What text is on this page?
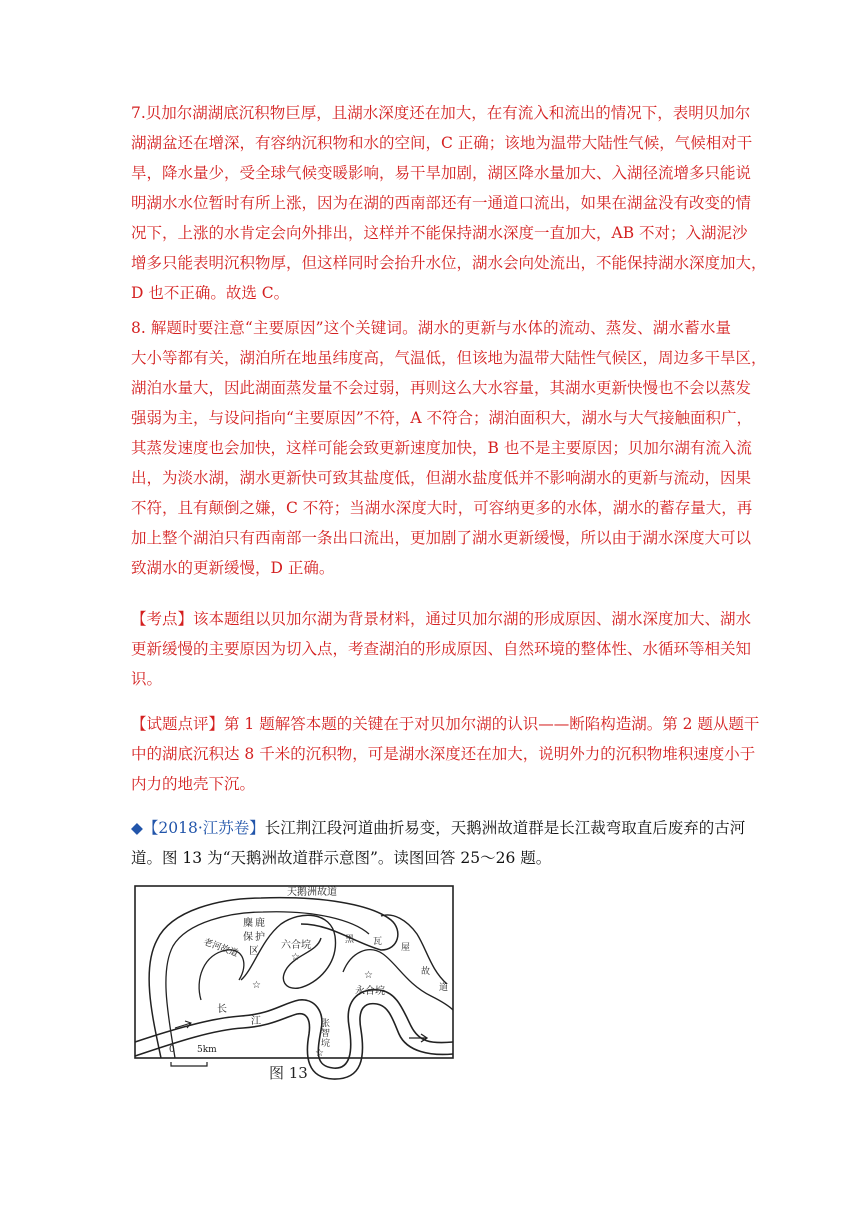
7.贝加尔湖湖底沉积物巨厚，且湖水深度还在加大，在有流入和流出的情况下，表明贝加尔
湖湖盆还在增深，有容纳沉积物和水的空间，C 正确；该地为温带大陆性气候，气候相对干
旱，降水量少，受全球气候变暖影响，易干旱加剧，湖区降水量加大、入湖径流增多只能说
明湖水水位暂时有所上涨，因为在湖的西南部还有一通道口流出，如果在湖盆没有改变的情
况下，上涨的水肯定会向外排出，这样并不能保持湖水深度一直加大，AB 不对；入湖泥沙
增多只能表明沉积物厚，但这样同时会抬升水位，湖水会向处流出，不能保持湖水深度加大，
D 也不正确。故选 C。
8. 解题时要注意“主要原因”这个关键词。湖水的更新与水体的流动、蒸发、湖水蓄水量
大小等都有关，湖泊所在地虽纬度高，气温低，但该地为温带大陆性气候区，周边多干旱区，
湖泊水量大，因此湖面蒸发量不会过弱，再则这么大水容量，其湖水更新快慢也不会以蒸发
强弱为主，与设问指向“主要原因”不符，A 不符合；湖泊面积大，湖水与大气接触面积广，
其蒸发速度也会加快，这样可能会致更新速度加快，B 也不是主要原因；贝加尔湖有流入流
出，为淡水湖，湖水更新快可致其盐度低，但湖水盐度低并不影响湖水的更新与流动，因果
不符，且有颠倒之嫌，C 不符；当湖水深度大时，可容纳更多的水体，湖水的蓄存量大，再
加上整个湖泊只有西南部一条出口流出，更加剧了湖水更新缓慢，所以由于湖水深度大可以
致湖水的更新缓慢，D 正确。
【考点】该本题组以贝加尔湖为背景材料，通过贝加尔湖的形成原因、湖水深度加大、湖水
更新缓慢的主要原因为切入点，考查湖泊的形成原因、自然环境的整体性、水循环等相关知
识。
【试题点评】第 1 题解答本题的关键在于对贝加尔湖的认识——断陷构造湖。第 2 题从题干
中的湖底沉积达 8 千米的沉积物，可是湖水深度还在加大，说明外力的沉积物堆积速度小于
内力的地壳下沉。
◆【2018·江苏卷】长江荆江段河道曲折易变，天鹅洲故道群是长江裁弯取直后废弃的古河
道。图 13 为“天鹅洲故道群示意图”。读图回答 25～26 题。
☆
☆
☆
☆
天鹅洲故道
麋 鹿
保 护
区
老河故道	六合垸
永合垸
黑 瓦
屋
故
道
长
江	张
智
垸
0 5km
图 13
